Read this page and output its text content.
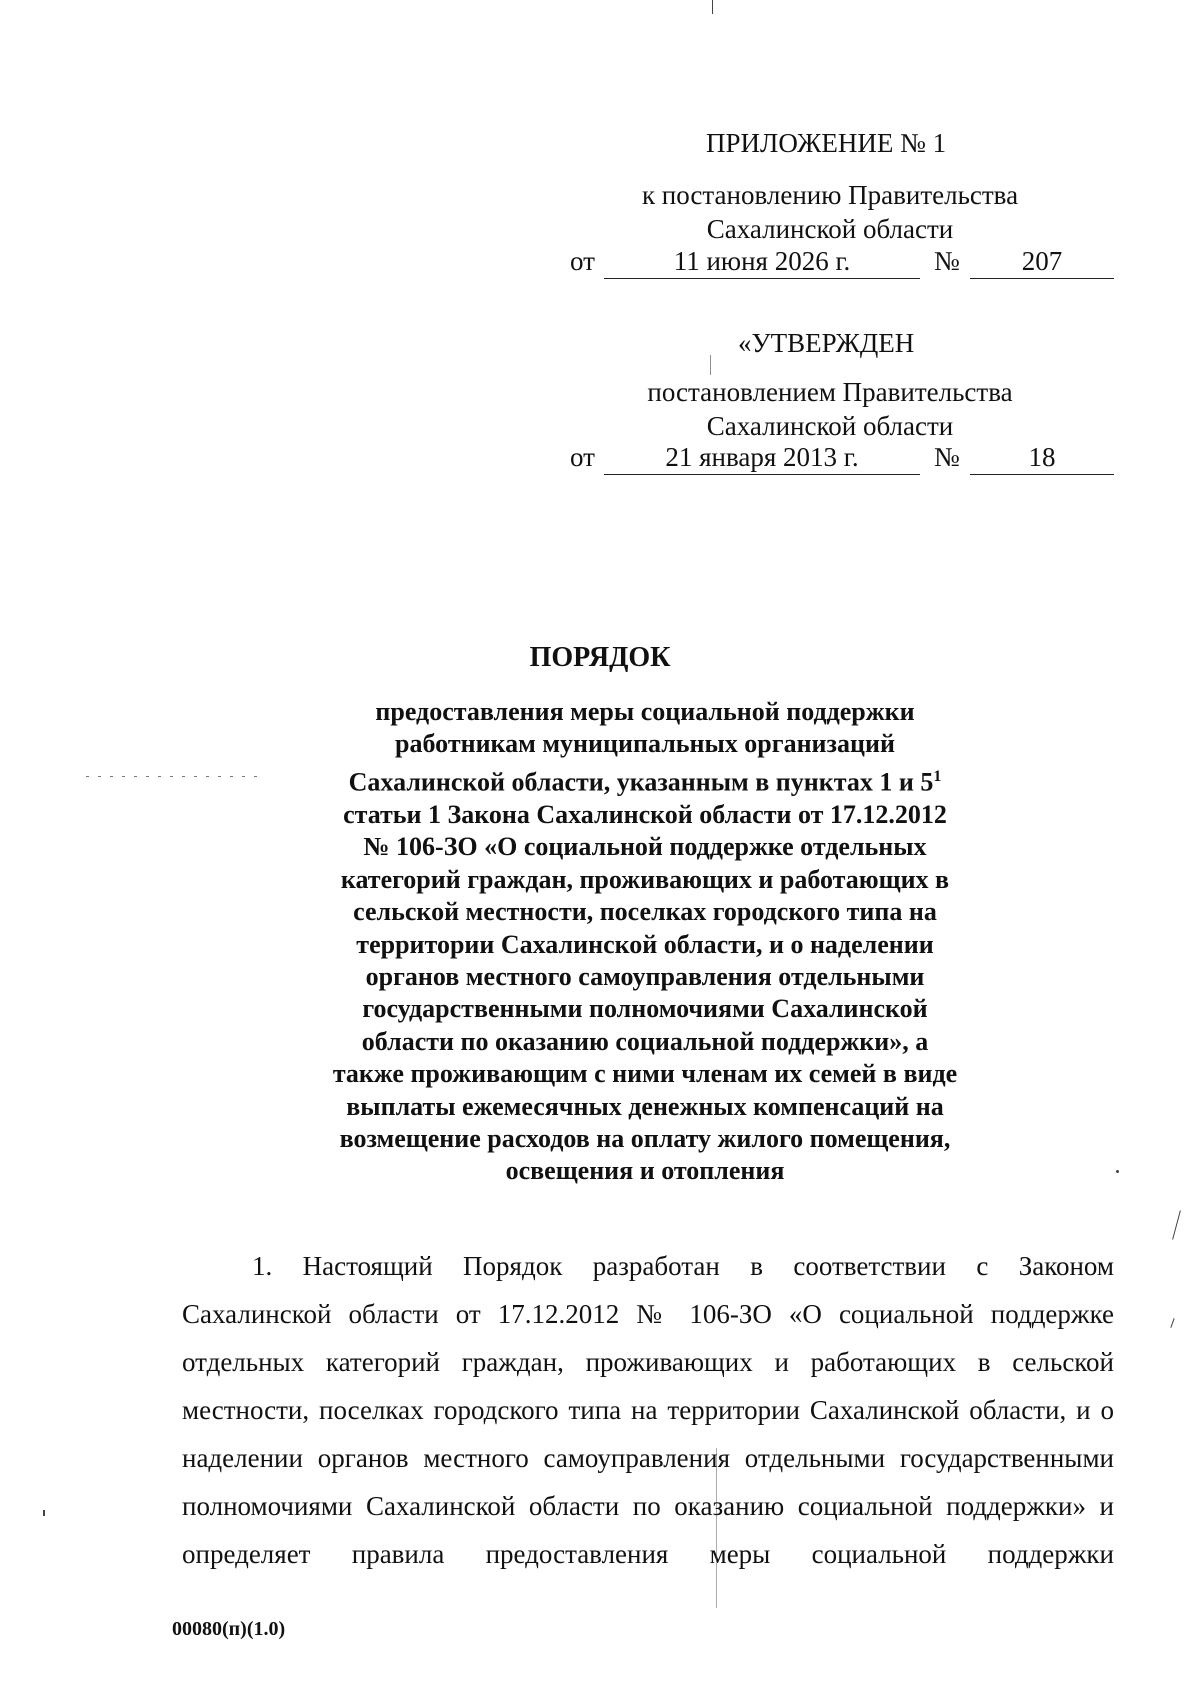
ПРИЛОЖЕНИЕ № 1
к постановлению Правительства
Сахалинской области
от	11 июня 2026 г.	№	207
«УТВЕРЖДЕН
постановлением Правительства
Сахалинской области
от	21 января 2013 г.	№	18
ПОРЯДОК
предоставления меры социальной поддержки
работникам муниципальных организаций
Сахалинской области, указанным в пунктах 1 и $5^1$
статьи 1 Закона Сахалинской области от 17.12.2012
№ 106-ЗО «О социальной поддержке отдельных
категорий граждан, проживающих и работающих в
сельской местности, поселках городского типа на
территории Сахалинской области, и о наделении
органов местного самоуправления отдельными
государственными полномочиями Сахалинской
области по оказанию социальной поддержки», а
также проживающим с ними членам их семей в виде
выплаты ежемесячных денежных компенсаций на
возмещение расходов на оплату жилого помещения,
освещения и отопления
1. Настоящий Порядок разработан в соответствии с Законом
Сахалинской области от 17.12.2012 № 106-ЗО «О социальной поддержке
отдельных категорий граждан, проживающих и работающих в сельской
местности, поселках городского типа на территории Сахалинской области, и о
наделении органов местного самоуправления отдельными государственными
полномочиями Сахалинской области по оказанию социальной поддержки» и
определяет правила предоставления меры социальной поддержки
00080(п)(1.0)
